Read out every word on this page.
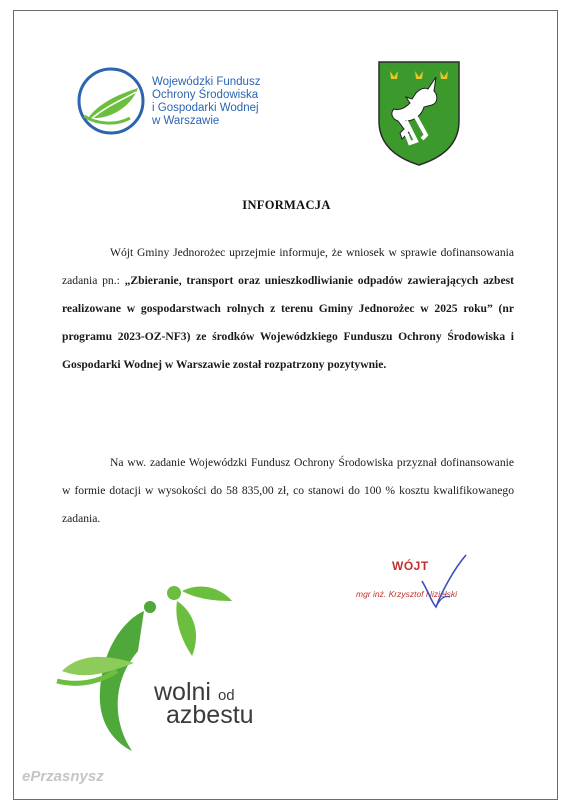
Wojewódzki Fundusz
Ochrony Środowiska
i Gospodarki Wodnej
w Warszawie
INFORMACJA
Wójt Gminy Jednorożec uprzejmie informuje, że wniosek w sprawie dofinansowania zadania pn.: „Zbieranie, transport oraz unieszkodliwianie odpadów zawierających azbest realizowane w gospodarstwach rolnych z terenu Gminy Jednorożec w 2025 roku” (nr programu 2023-OZ-NF3) ze środków Wojewódzkiego Funduszu Ochrony Środowiska i Gospodarki Wodnej w Warszawie został rozpatrzony pozytywnie.
Na ww. zadanie Wojewódzki Fundusz Ochrony Środowiska przyznał dofinansowanie w formie dotacji w wysokości do 58 835,00 zł, co stanowi do 100 % kosztu kwalifikowanego zadania.
WÓJT
mgr inż. Krzysztof Niziełski
wolni od
azbestu
ePrzasnysz
